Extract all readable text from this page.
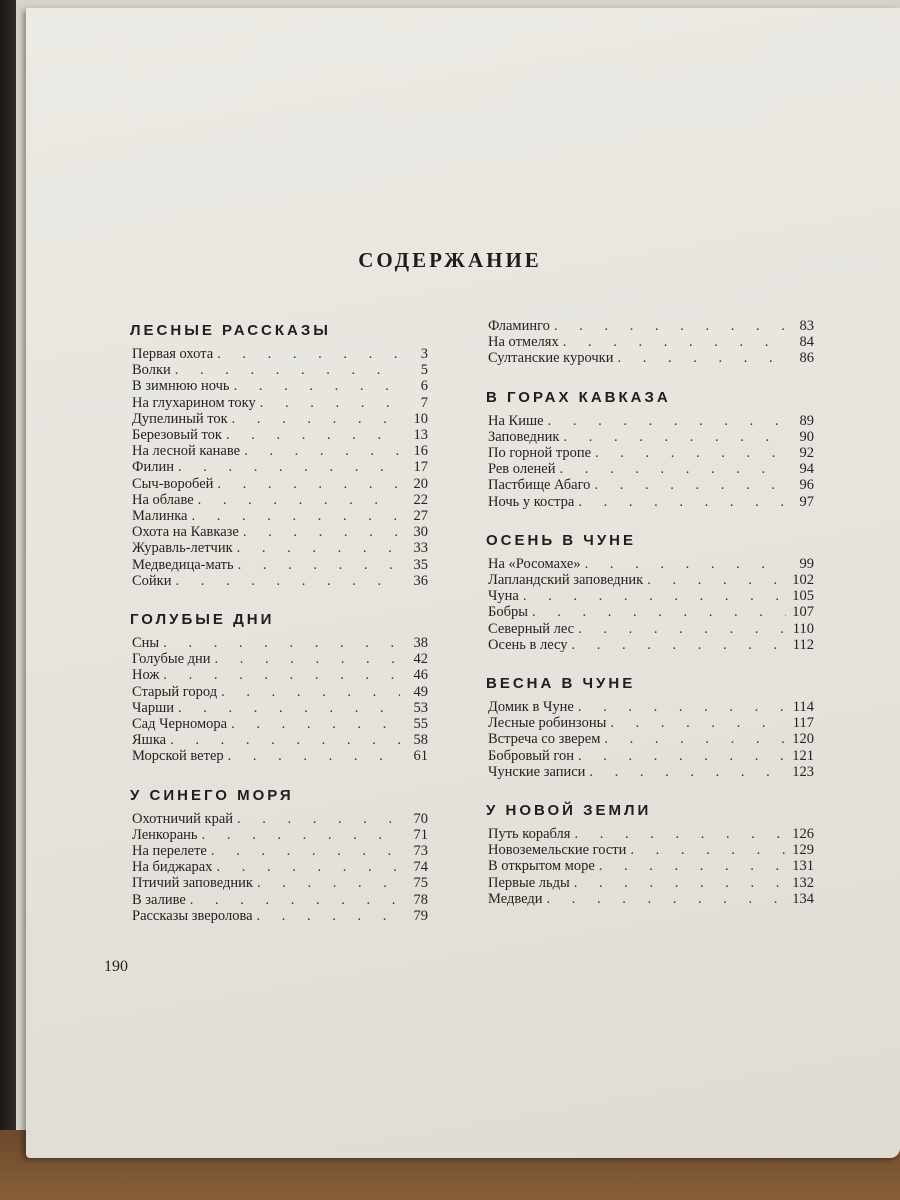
СОДЕРЖАНИЕ
ЛЕСНЫЕ РАССКАЗЫ
Первая охота . . .	3
Волки . . .	5
В зимнюю ночь . . .	6
На глухарином току . . .	7
Дупелиный ток . . .	10
Березовый ток . . .	13
На лесной канаве . . .	16
Филин . . .	17
Сыч-воробей . . .	20
На облаве . . .	22
Малинка . . .	27
Охота на Кавказе . . .	30
Журавль-летчик . . .	33
Медведица-мать . . .	35
Сойки . . .	36
ГОЛУБЫЕ ДНИ
Сны . . .	38
Голубые дни . . .	42
Нож . . .	46
Старый город . . .	49
Чарши . . .	53
Сад Черномора . . .	55
Яшка . . .	58
Морской ветер . . .	61
У СИНЕГО МОРЯ
Охотничий край . . .	70
Ленкорань . . .	71
На перелете . . .	73
На биджарах . . .	74
Птичий заповедник . . .	75
В заливе . . .	78
Рассказы зверолова . . .	79
Фламинго . . .	83
На отмелях . . .	84
Султанские курочки . . .	86
В ГОРАХ КАВКАЗА
На Кише . . .	89
Заповедник . . .	90
По горной тропе . . .	92
Рев оленей . . .	94
Пастбище Абаго . . .	96
Ночь у костра . . .	97
ОСЕНЬ В ЧУНЕ
На «Росомахе» . . .	99
Лапландский заповедник . . .	102
Чуна . . .	105
Бобры . . .	107
Северный лес . . .	110
Осень в лесу . . .	112
ВЕСНА В ЧУНЕ
Домик в Чуне . . .	114
Лесные робинзоны . . .	117
Встреча со зверем . . .	120
Бобровый гон . . .	121
Чунские записи . . .	123
У НОВОЙ ЗЕМЛИ
Путь корабля . . .	126
Новоземельские гости . . .	129
В открытом море . . .	131
Первые льды . . .	132
Медведи . . .	134
190
